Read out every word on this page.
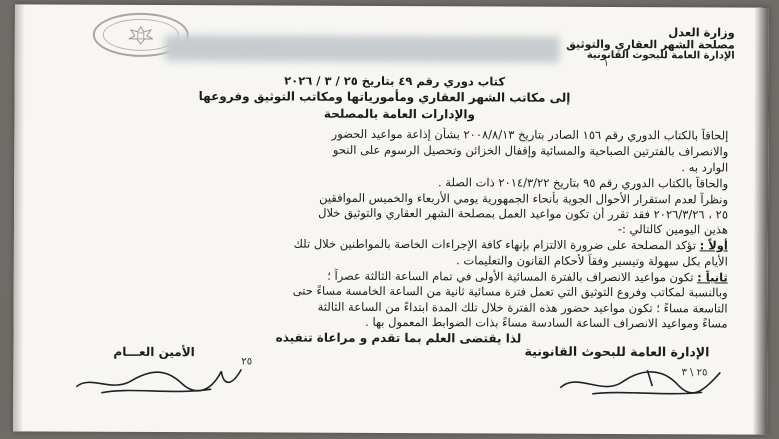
وزارة العدل
مصلحة الشهر العقاري والتوثيق
الإدارة العامة للبحوث القانونية
١
كتاب دوري رقم ٤٩ بتاريخ ٢٥ / ٣ / ٢٠٢٦
إلى مكاتب الشهر العقاري ومأمورياتها ومكاتب التوثيق وفروعها
والإدارات العامة بالمصلحة
إلحاقاً بالكتاب الدوري رقم ١٥٦ الصادر بتاريخ ٢٠٠٨/٨/١٣ بشأن إذاعة مواعيد الحضور
والانصراف بالفترتين الصباحية والمسائية وإقفال الخزائن وتحصيل الرسوم على النحو
الوارد به .
والحاقاً بالكتاب الدوري رقم ٩٥ بتاريخ ٢٠١٤/٣/٢٢ ذات الصلة .
ونظراً لعدم استقرار الأحوال الجوية بأنحاء الجمهورية يومي الأربعاء والخميس الموافقين
٢٥ ، ٢٠٢٦/٣/٢٦ فقد تقرر أن تكون مواعيد العمل بمصلحة الشهر العقاري والتوثيق خلال
هذين اليومين كالتالي :-
أولاً : تؤكد المصلحة على ضرورة الالتزام بإنهاء كافة الإجراءات الخاصة بالمواطنين خلال تلك
الأيام بكل سهولة وتيسير وفقاً لأحكام القانون والتعليمات .
ثانياً : تكون مواعيد الانصراف بالفترة المسائية الأولى في تمام الساعة الثالثة عصراً ؛
وبالنسبة لمكاتب وفروع التوثيق التي تعمل فترة مسائية ثانية من الساعة الخامسة مساءً حتى
التاسعة مساءً ؛ تكون مواعيد حضور هذه الفترة خلال تلك المدة ابتداءً من الساعة الثالثة
مساءً ومواعيد الانصراف الساعة السادسة مساءً بذات الضوابط المعمول بها .
لذا يقتضى العلم بما تقدم و مراعاة تنفيذه
الإدارة العامة للبحوث القانونية
الأمين العـــام
٢٥
٢٥ \ ٣
